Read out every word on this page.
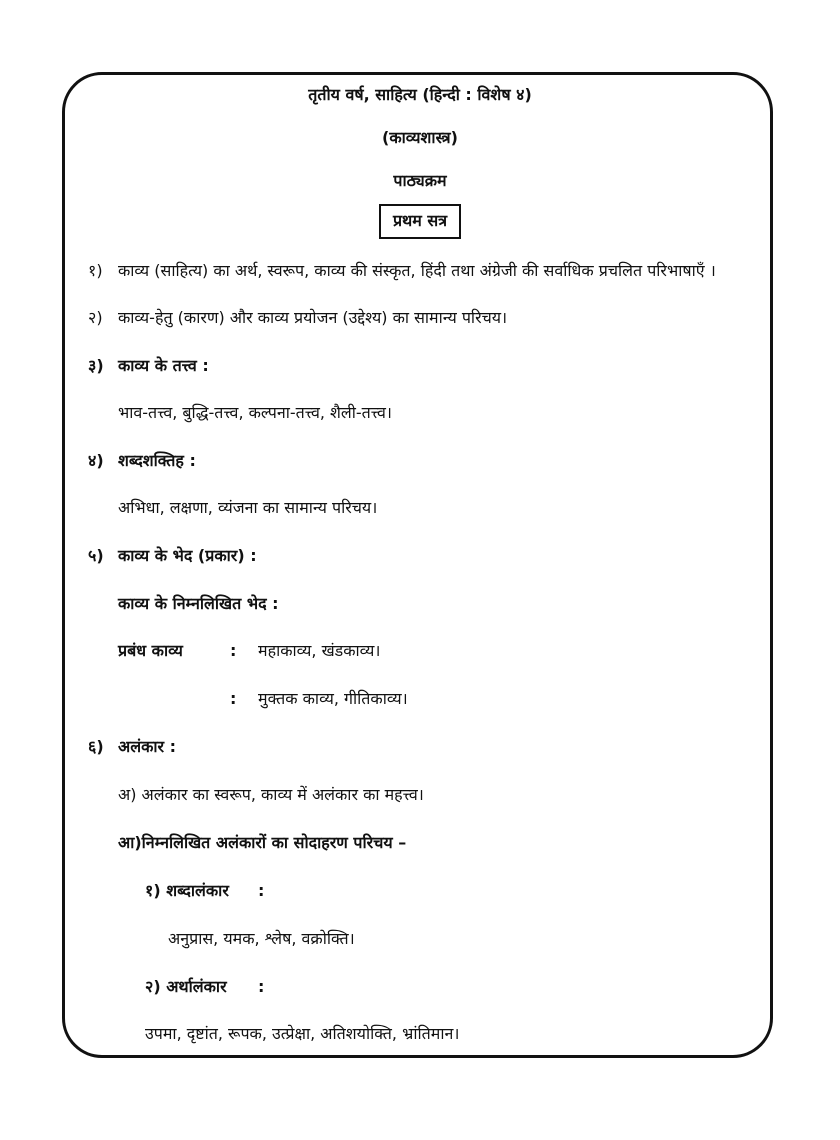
तृतीय वर्ष, साहित्य (हिन्दी : विशेष ४)
(काव्यशास्त्र)
पाठ्यक्रम
प्रथम सत्र
१) काव्य (साहित्य) का अर्थ, स्वरूप, काव्य की संस्कृत, हिंदी तथा अंग्रेजी की सर्वाधिक प्रचलित परिभाषाएँ ।
२) काव्य-हेतु (कारण) और काव्य प्रयोजन (उद्देश्य) का सामान्य परिचय।
३) काव्य के तत्त्व :
भाव-तत्त्व, बुद्धि-तत्त्व, कल्पना-तत्त्व, शैली-तत्त्व।
४) शब्दशक्तिह :
अभिधा, लक्षणा, व्यंजना का सामान्य परिचय।
५) काव्य के भेद (प्रकार) :
काव्य के निम्नलिखित भेद :
प्रबंध काव्य	: महाकाव्य, खंडकाव्य।
: मुक्तक काव्य, गीतिकाव्य।
६) अलंकार :
अ) अलंकार का स्वरूप, काव्य में अलंकार का महत्त्व।
आ)निम्नलिखित अलंकारों का सोदाहरण परिचय –
१) शब्दालंकार :
अनुप्रास, यमक, श्लेष, वक्रोक्ति।
२) अर्थालंकार :
उपमा, दृष्टांत, रूपक, उत्प्रेक्षा, अतिशयोक्ति, भ्रांतिमान।
